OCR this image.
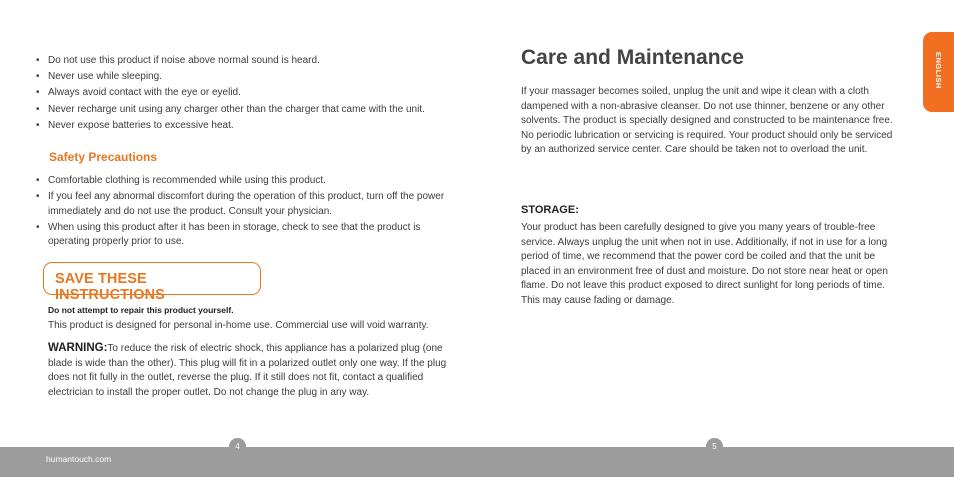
• Do not use this product if noise above normal sound is heard.
• Never use while sleeping.
• Always avoid contact with the eye or eyelid.
• Never recharge unit using any charger other than the charger that came with the unit.
• Never expose batteries to excessive heat.
Safety Precautions
• Comfortable clothing is recommended while using this product.
• If you feel any abnormal discomfort during the operation of this product, turn off the power immediately and do not use the product. Consult your physician.
• When using this product after it has been in storage, check to see that the product is operating properly prior to use.
SAVE THESE INSTRUCTIONS

Do not attempt to repair this product yourself.

This product is designed for personal in-home use. Commercial use will void warranty.

WARNING:To reduce the risk of electric shock, this appliance has a polarized plug (one blade is wide than the other). This plug will fit in a polarized outlet only one way. If the plug does not fit fully in the outlet, reverse the plug. If it still does not fit, contact a qualified electrician to install the proper outlet. Do not change the plug in any way.

Care and Maintenance

If your massager becomes soiled, unplug the unit and wipe it clean with a cloth dampened with a non-abrasive cleanser. Do not use thinner, benzene or any other solvents. The product is specially designed and constructed to be maintenance free. No periodic lubrication or servicing is required. Your product should only be serviced by an authorized service center. Care should be taken not to overload the unit.

STORAGE:

Your product has been carefully designed to give you many years of trouble-free service. Always unplug the unit when not in use. Additionally, if not in use for a long period of time, we recommend that the power cord be coiled and that the unit be placed in an environment free of dust and moisture. Do not store near heat or open flame. Do not leave this product exposed to direct sunlight for long periods of time. This may cause fading or damage.

ENGLISH
humantouch.com
4	5
